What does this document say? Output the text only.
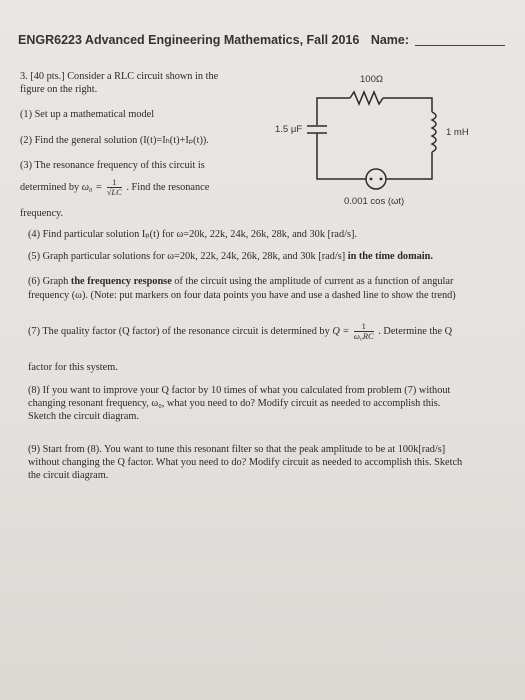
ENGR6223 Advanced Engineering Mathematics, Fall 2016 Name:
3. [40 pts.] Consider a RLC circuit shown in the
figure on the right.
(1) Set up a mathematical model
(2) Find the general solution (I(t)=Iₕ(t)+Iₚ(t)).
(3) The resonance frequency of this circuit is
determined by $\omega_0 = \frac{1}{√LC}$ . Find the resonance
frequency.
(4) Find particular solution Iₚ(t) for ω=20k, 22k, 24k, 26k, 28k, and 30k [rad/s].
(5) Graph particular solutions for ω=20k, 22k, 24k, 26k, 28k, and 30k [rad/s] in the time domain.
(6) Graph the frequency response of the circuit using the amplitude of current as a function of angular
frequency (ω). (Note: put markers on four data points you have and use a dashed line to show the trend)
(7) The quality factor (Q factor) of the resonance circuit is determined by $Q = \frac{1}{\text{ω₀RC}}$ . Determine the Q
factor for this system.
(8) If you want to improve your Q factor by 10 times of what you calculated from problem (7) without
changing resonant frequency, ω₀, what you need to do? Modify circuit as needed to accomplish this.
Sketch the circuit diagram.
(9) Start from (8). You want to tune this resonant filter so that the peak amplitude to be at 100k[rad/s]
without changing the Q factor. What you need to do? Modify circuit as needed to accomplish this. Sketch
the circuit diagram.
100Ω
1.5 μF	1 mH
0.001 cos (ωt)
